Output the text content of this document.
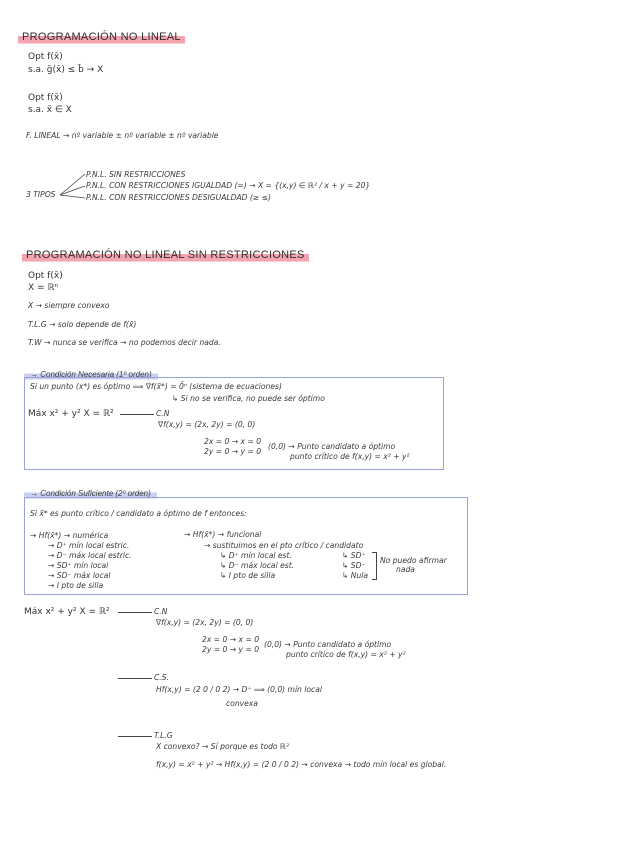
PROGRAMACIÓN NO LINEAL
Opt f(x̄)
s.a. ḡ(x̄) ≤ b̄ → X
Opt f(x̄)
s.a. x̄ ∈ X
F. LINEAL → nº variable ± nº variable ± nº variable
3 TIPOS
P.N.L. SIN RESTRICCIONES
P.N.L. CON RESTRICCIONES IGUALDAD (=) → X = {(x,y) ∈ ℝ² / x + y = 20}
P.N.L. CON RESTRICCIONES DESIGUALDAD (≥ ≤)
PROGRAMACIÓN NO LINEAL SIN RESTRICCIONES
Opt f(x̄)
X = ℝⁿ
X → siempre convexo
T.L.G → solo depende de f(x̄)
T.W → nunca se verifica → no podemos decir nada.
→ Condición Necesaria (1º orden)
Si un punto (x*) es óptimo ⟹ ∇f(x̄*) = 0̄ⁿ (sistema de ecuaciones)
↳ Si no se verifica, no puede ser óptimo
Máx x² + y² X = ℝ²	C.N
∇f(x,y) = (2x, 2y) = (0, 0)
2x = 0 → x = 0
2y = 0 → y = 0
(0,0) → Punto candidato a óptimo
punto crítico de f(x,y) = x² + y²
→ Condición Suficiente (2º orden)
Si x̄* es punto crítico / candidato a óptimo de f entonces:
→ Hf(x̄*) → numérica
→ D⁺ mín local estric.
→ D⁻ máx local estric.
→ SD⁺ mín local
→ SD⁻ máx local
→ I pto de silla
→ Hf(x̄*) → funcional
→ sustituimos en el pto crítico / candidato
↳ D⁺ mín local est.
↳ D⁻ máx local est.
↳ I pto de silla
↳ SD⁺
↳ SD⁻
↳ Nula
No puedo afirmar
nada
Máx x² + y² X = ℝ²	C.N
∇f(x,y) = (2x, 2y) = (0, 0)
2x = 0 → x = 0
2y = 0 → y = 0
(0,0) → Punto candidato a óptimo
punto crítico de f(x,y) = x² + y²
C.S.
Hf(x,y) = (2 0 / 0 2) → D⁺ ⟹ (0,0) mín local
convexa
T.L.G
X convexo? → Sí porque es todo ℝ²
f(x,y) = x² + y² → Hf(x,y) = (2 0 / 0 2) → convexa → todo mín local es global.
